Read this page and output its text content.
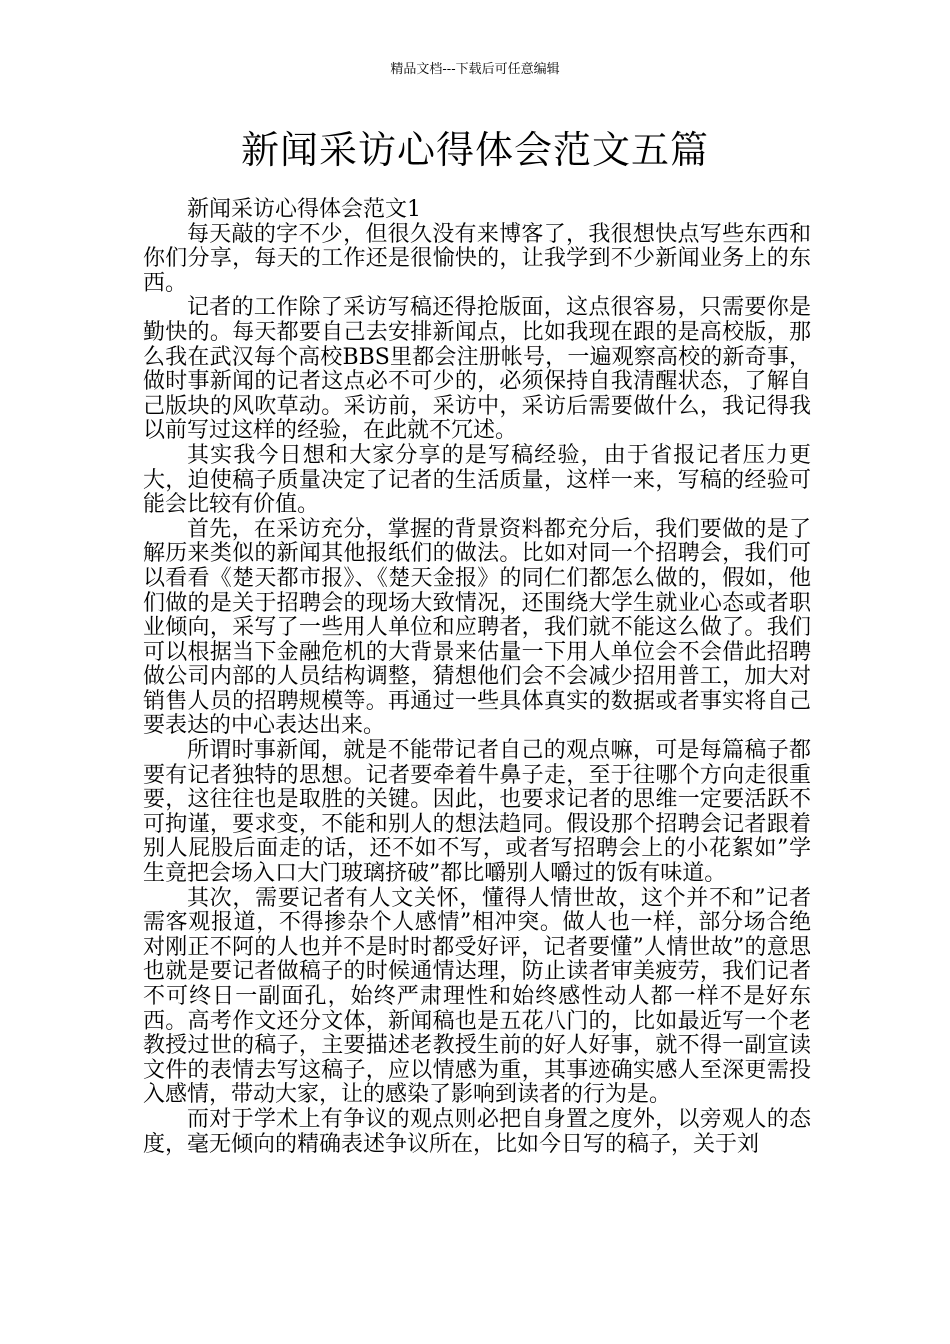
精品文档---下载后可任意编辑
新闻采访心得体会范文五篇

新闻采访心得体会范文1

每天敲的字不少，但很久没有来博客了，我很想快点写些东西和你们分享，每天的工作还是很愉快的，让我学到不少新闻业务上的东西。

记者的工作除了采访写稿还得抢版面，这点很容易，只需要你是勤快的。每天都要自己去安排新闻点，比如我现在跟的是高校版，那么我在武汉每个高校BBS里都会注册帐号，一遍观察高校的新奇事，做时事新闻的记者这点必不可少的，必须保持自我清醒状态，了解自己版块的风吹草动。采访前，采访中，采访后需要做什么，我记得我以前写过这样的经验，在此就不冗述。

其实我今日想和大家分享的是写稿经验，由于省报记者压力更大，迫使稿子质量决定了记者的生活质量，这样一来，写稿的经验可能会比较有价值。

首先，在采访充分，掌握的背景资料都充分后，我们要做的是了解历来类似的新闻其他报纸们的做法。比如对同一个招聘会，我们可以看看《楚天都市报》、《楚天金报》的同仁们都怎么做的，假如，他们做的是关于招聘会的现场大致情况，还围绕大学生就业心态或者职业倾向，采写了一些用人单位和应聘者，我们就不能这么做了。我们可以根据当下金融危机的大背景来估量一下用人单位会不会借此招聘做公司内部的人员结构调整，猜想他们会不会减少招用普工，加大对销售人员的招聘规模等。再通过一些具体真实的数据或者事实将自己要表达的中心表达出来。

所谓时事新闻，就是不能带记者自己的观点嘛，可是每篇稿子都要有记者独特的思想。记者要牵着牛鼻子走，至于往哪个方向走很重要，这往往也是取胜的关键。因此，也要求记者的思维一定要活跃不可拘谨，要求变，不能和别人的想法趋同。假设那个招聘会记者跟着别人屁股后面走的话，还不如不写，或者写招聘会上的小花絮如”学生竟把会场入口大门玻璃挤破”都比嚼别人嚼过的饭有味道。

其次，需要记者有人文关怀，懂得人情世故，这个并不和”记者需客观报道，不得掺杂个人感情”相冲突。做人也一样，部分场合绝对刚正不阿的人也并不是时时都受好评，记者要懂”人情世故”的意思也就是要记者做稿子的时候通情达理，防止读者审美疲劳，我们记者不可终日一副面孔，始终严肃理性和始终感性动人都一样不是好东西。高考作文还分文体，新闻稿也是五花八门的，比如最近写一个老教授过世的稿子，主要描述老教授生前的好人好事，就不得一副宣读文件的表情去写这稿子，应以情感为重，其事迹确实感人至深更需投入感情，带动大家，让的感染了影响到读者的行为是。

而对于学术上有争议的观点则必把自身置之度外，以旁观人的态度，毫无倾向的精确表述争议所在，比如今日写的稿子，关于刘
